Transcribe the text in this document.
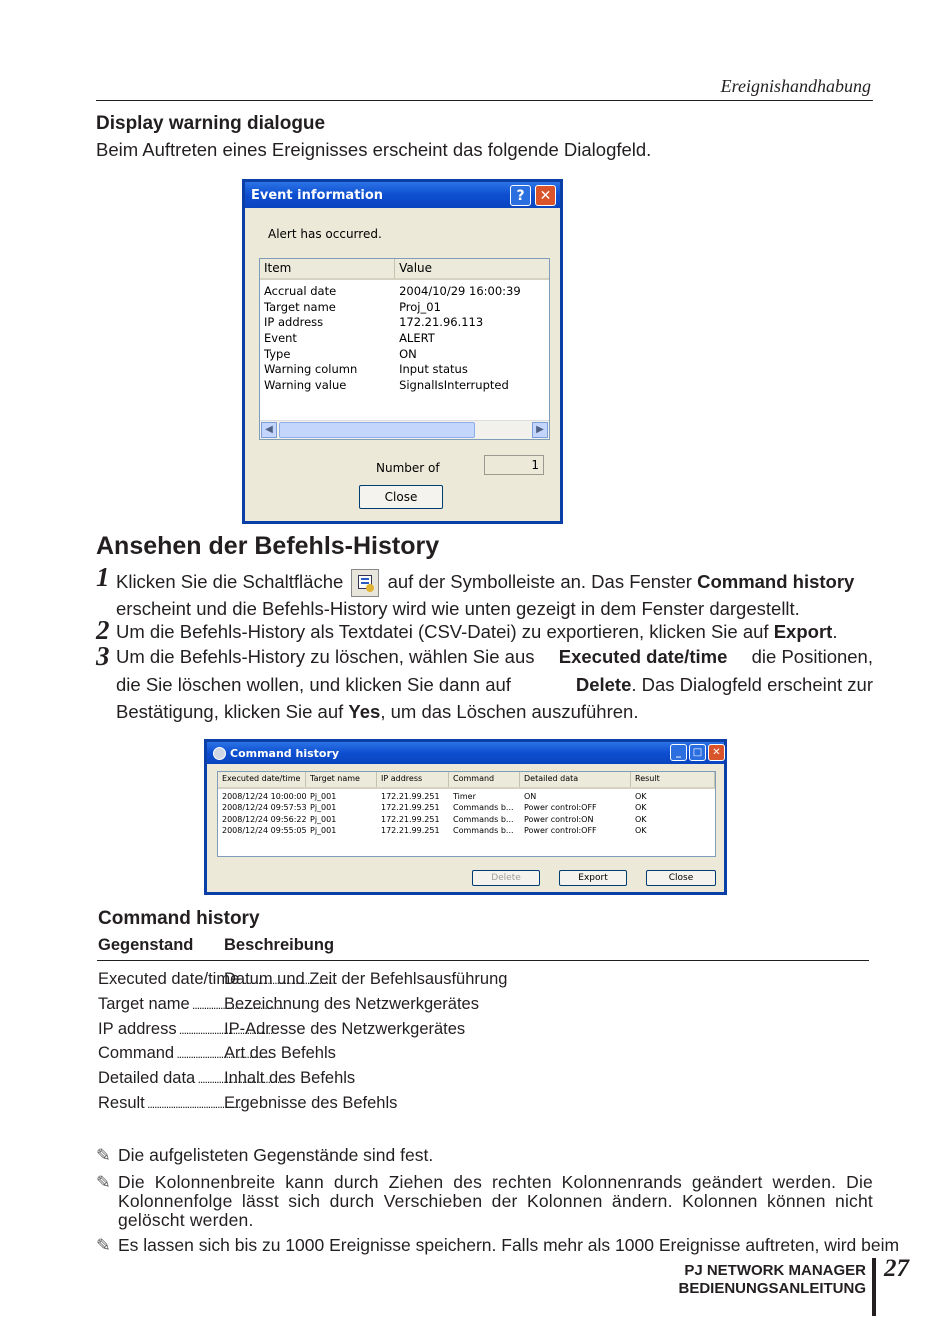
Ereignishandhabung
Display warning dialogue
Beim Auftreten eines Ereignisses erscheint das folgende Dialogfeld.
Event information	?	✕
Alert has occurred.
Item	Value
Accrual date	2004/10/29 16:00:39
Target name	Proj_01
IP address	172.21.96.113
Event	ALERT
Type	ON
Warning column	Input status
Warning value	SignalIsInterrupted
◀	▶
Number of	1
Close
Ansehen der Befehls-History
1 Klicken Sie die Schaltfläche auf der Symbolleiste an. Das Fenster Command history
erscheint und die Befehls-History wird wie unten gezeigt in dem Fenster dargestellt.
2 Um die Befehls-History als Textdatei (CSV-Datei) zu exportieren, klicken Sie auf Export.
3 Um die Befehls-History zu löschen, wählen Sie aus Executed date/time die Positionen,
die Sie löschen wollen, und klicken Sie dann auf	Delete. Das Dialogfeld erscheint zur
Bestätigung, klicken Sie auf Yes, um das Löschen auszuführen.
Command history	_	□	✕
Executed date/time	Target name	IP address	Command	Detailed data	Result
2008/12/24 10:00:00 Pj_001	172.21.99.251	Timer	ON	OK
2008/12/24 09:57:53 Pj_001	172.21.99.251	Commands b...	Power control:OFF	OK
2008/12/24 09:56:22 Pj_001	172.21.99.251	Commands b...	Power control:ON	OK
2008/12/24 09:55:05 Pj_001	172.21.99.251	Commands b...	Power control:OFF	OK
Delete	Export	Close
Command history
Gegenstand Beschreibung
Executed date/time .....Datum und Zeit der Befehlsausführung
Target name ..... Bezeichnung des Netzwerkgerätes
IP address .....	IP-Adresse des Netzwerkgerätes
Command .....	Art des Befehls
Detailed data ..... Inhalt des Befehls
Result .....	Ergebnisse des Befehls
✎ Die aufgelisteten Gegenstände sind fest.
✎ Die Kolonnenbreite kann durch Ziehen des rechten Kolonnenrands geändert werden. Die Kolonnenfolge lässt sich durch Verschieben der Kolonnen ändern. Kolonnen können nicht gelöscht werden.
✎ Es lassen sich bis zu 1000 Ereignisse speichern. Falls mehr als 1000 Ereignisse auftreten, wird beim
PJ NETWORK MANAGER
BEDIENUNGSANLEITUNG
27
